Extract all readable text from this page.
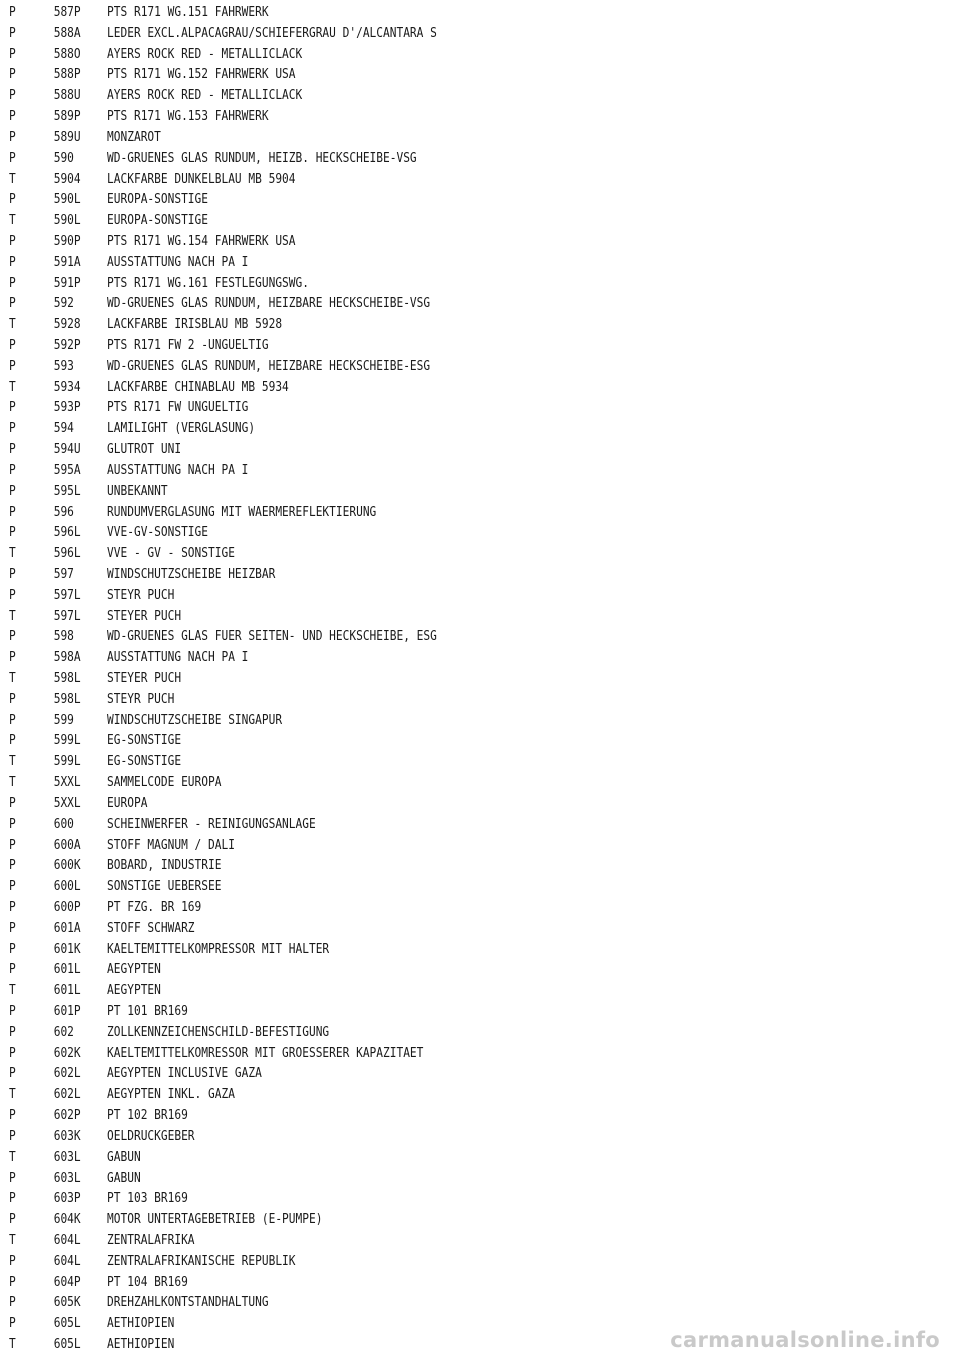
P	587P	PTS R171 WG.151 FAHRWERK
P	588A	LEDER EXCL.ALPACAGRAU/SCHIEFERGRAU D'/ALCANTARA S
P	588O	AYERS ROCK RED - METALLICLACK
P	588P	PTS R171 WG.152 FAHRWERK USA
P	588U	AYERS ROCK RED - METALLICLACK
P	589P	PTS R171 WG.153 FAHRWERK
P	589U	MONZAROT
P	590	WD-GRUENES GLAS RUNDUM, HEIZB. HECKSCHEIBE-VSG
T	5904	LACKFARBE DUNKELBLAU MB 5904
P	590L	EUROPA-SONSTIGE
T	590L	EUROPA-SONSTIGE
P	590P	PTS R171 WG.154 FAHRWERK USA
P	591A	AUSSTATTUNG NACH PA I
P	591P	PTS R171 WG.161 FESTLEGUNGSWG.
P	592	WD-GRUENES GLAS RUNDUM, HEIZBARE HECKSCHEIBE-VSG
T	5928	LACKFARBE IRISBLAU MB 5928
P	592P	PTS R171 FW 2 -UNGUELTIG
P	593	WD-GRUENES GLAS RUNDUM, HEIZBARE HECKSCHEIBE-ESG
T	5934	LACKFARBE CHINABLAU MB 5934
P	593P	PTS R171 FW UNGUELTIG
P	594	LAMILIGHT (VERGLASUNG)
P	594U	GLUTROT UNI
P	595A	AUSSTATTUNG NACH PA I
P	595L	UNBEKANNT
P	596	RUNDUMVERGLASUNG MIT WAERMEREFLEKTIERUNG
P	596L	VVE-GV-SONSTIGE
T	596L	VVE - GV - SONSTIGE
P	597	WINDSCHUTZSCHEIBE HEIZBAR
P	597L	STEYR PUCH
T	597L	STEYER PUCH
P	598	WD-GRUENES GLAS FUER SEITEN- UND HECKSCHEIBE, ESG
P	598A	AUSSTATTUNG NACH PA I
T	598L	STEYER PUCH
P	598L	STEYR PUCH
P	599	WINDSCHUTZSCHEIBE SINGAPUR
P	599L	EG-SONSTIGE
T	599L	EG-SONSTIGE
T	5XXL	SAMMELCODE EUROPA
P	5XXL	EUROPA
P	600	SCHEINWERFER - REINIGUNGSANLAGE
P	600A	STOFF MAGNUM / DALI
P	600K	BOBARD, INDUSTRIE
P	600L	SONSTIGE UEBERSEE
P	600P	PT FZG. BR 169
P	601A	STOFF SCHWARZ
P	601K	KAELTEMITTELKOMPRESSOR MIT HALTER
P	601L	AEGYPTEN
T	601L	AEGYPTEN
P	601P	PT 101 BR169
P	602	ZOLLKENNZEICHENSCHILD-BEFESTIGUNG
P	602K	KAELTEMITTELKOMRESSOR MIT GROESSERER KAPAZITAET
P	602L	AEGYPTEN INCLUSIVE GAZA
T	602L	AEGYPTEN INKL. GAZA
P	602P	PT 102 BR169
P	603K	OELDRUCKGEBER
T	603L	GABUN
P	603L	GABUN
P	603P	PT 103 BR169
P	604K	MOTOR UNTERTAGEBETRIEB (E-PUMPE)
T	604L	ZENTRALAFRIKA
P	604L	ZENTRALAFRIKANISCHE REPUBLIK
P	604P	PT 104 BR169
P	605K	DREHZAHLKONTSTANDHALTUNG
P	605L	AETHIOPIEN
T	605L	AETHIOPIEN	carmanualsonline.info
